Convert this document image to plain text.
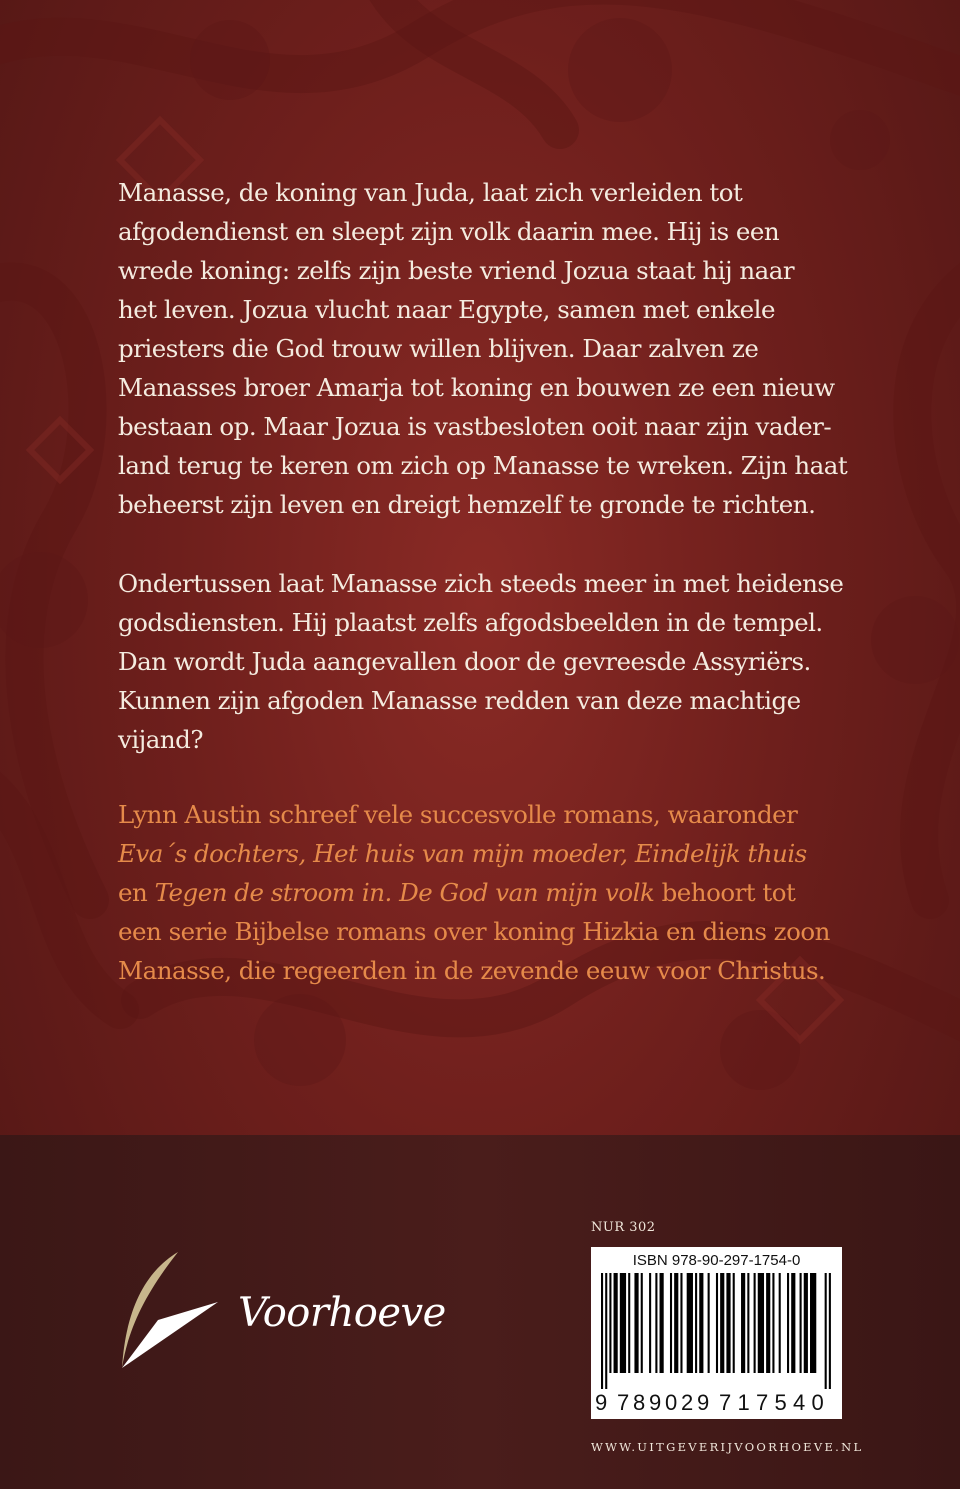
Manasse, de koning van Juda, laat zich verleiden tot
afgodendienst en sleept zijn volk daarin mee. Hij is een
wrede koning: zelfs zijn beste vriend Jozua staat hij naar
het leven. Jozua vlucht naar Egypte, samen met enkele
priesters die God trouw willen blijven. Daar zalven ze
Manasses broer Amarja tot koning en bouwen ze een nieuw
bestaan op. Maar Jozua is vastbesloten ooit naar zijn vader-
land terug te keren om zich op Manasse te wreken. Zijn haat
beheerst zijn leven en dreigt hemzelf te gronde te richten.
Ondertussen laat Manasse zich steeds meer in met heidense
godsdiensten. Hij plaatst zelfs afgodsbeelden in de tempel.
Dan wordt Juda aangevallen door de gevreesde Assyriërs.
Kunnen zijn afgoden Manasse redden van deze machtige
vijand?
Lynn Austin schreef vele succesvolle romans, waaronder
Eva´s dochters, Het huis van mijn moeder, Eindelijk thuis
en Tegen de stroom in. De God van mijn volk behoort tot
een serie Bijbelse romans over koning Hizkia en diens zoon
Manasse, die regeerden in de zevende eeuw voor Christus.
Voorhoeve
NUR 302
ISBN 978-90-297-1754-0
9 7 8 9 0 2 9 7 1 7 5 4 0
WWW.UITGEVERIJVOORHOEVE.NL
